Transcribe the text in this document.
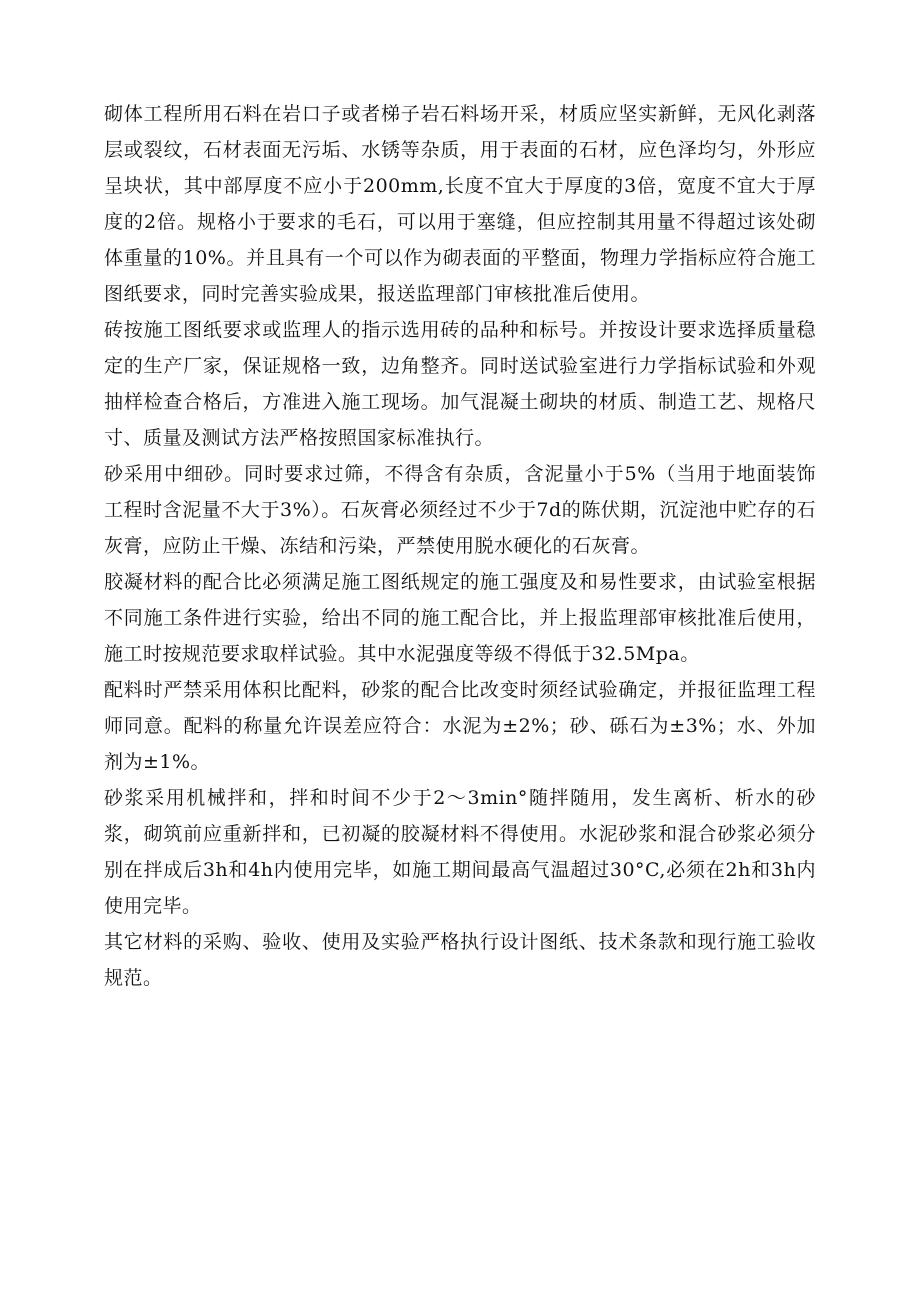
砌体工程所用石料在岩口子或者梯子岩石料场开采，材质应坚实新鲜，无风化剥落层或裂纹，石材表面无污垢、水锈等杂质，用于表面的石材，应色泽均匀，外形应呈块状，其中部厚度不应小于200mm,长度不宜大于厚度的3倍，宽度不宜大于厚度的2倍。规格小于要求的毛石，可以用于塞缝，但应控制其用量不得超过该处砌体重量的10%。并且具有一个可以作为砌表面的平整面，物理力学指标应符合施工图纸要求，同时完善实验成果，报送监理部门审核批准后使用。

砖按施工图纸要求或监理人的指示选用砖的品种和标号。并按设计要求选择质量稳定的生产厂家，保证规格一致，边角整齐。同时送试验室进行力学指标试验和外观抽样检查合格后，方准进入施工现场。加气混凝土砌块的材质、制造工艺、规格尺寸、质量及测试方法严格按照国家标准执行。

砂采用中细砂。同时要求过筛，不得含有杂质，含泥量小于5%（当用于地面装饰工程时含泥量不大于3%）。石灰膏必须经过不少于7d的陈伏期，沉淀池中贮存的石灰膏，应防止干燥、冻结和污染，严禁使用脱水硬化的石灰膏。

胶凝材料的配合比必须满足施工图纸规定的施工强度及和易性要求，由试验室根据不同施工条件进行实验，给出不同的施工配合比，并上报监理部审核批准后使用，施工时按规范要求取样试验。其中水泥强度等级不得低于32.5Mpa。

配料时严禁采用体积比配料，砂浆的配合比改变时须经试验确定，并报征监理工程师同意。配料的称量允许误差应符合：水泥为±2%；砂、砾石为±3%；水、外加剂为±1%。

砂浆采用机械拌和，拌和时间不少于2～3min°随拌随用，发生离析、析水的砂浆，砌筑前应重新拌和，已初凝的胶凝材料不得使用。水泥砂浆和混合砂浆必须分别在拌成后3h和4h内使用完毕，如施工期间最高气温超过30°C,必须在2h和3h内使用完毕。

其它材料的采购、验收、使用及实验严格执行设计图纸、技术条款和现行施工验收规范。
